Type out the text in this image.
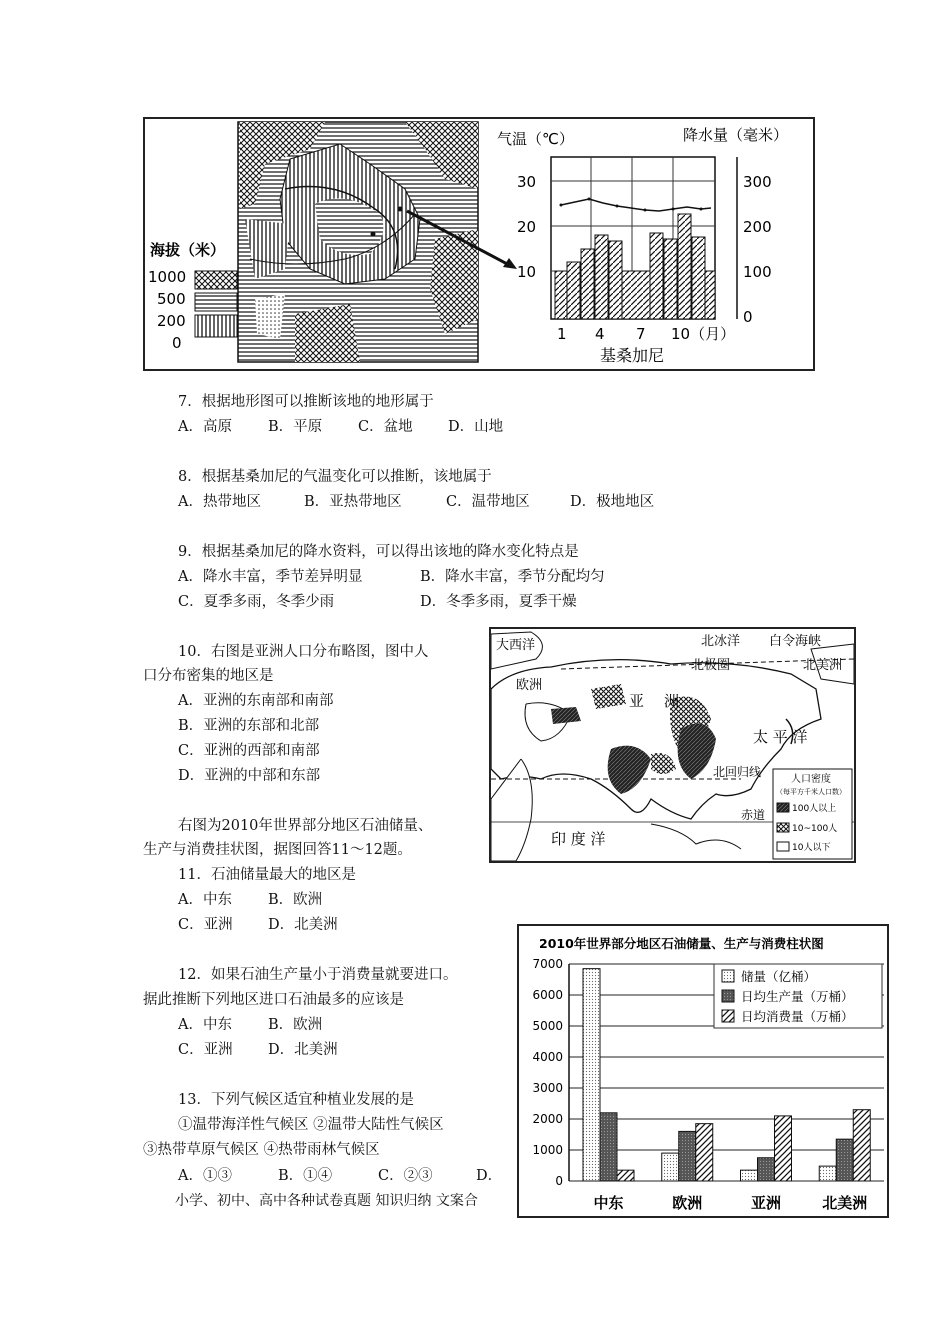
海拔（米）
1000
500
200
0
气温（℃）	降水量（毫米）
30
20
10
300
200
100
0
1 4 7 10（月）
基桑加尼
7．根据地形图可以推断该地的地形属于
A．高原 B．平原 C．盆地 D．山地
8．根据基桑加尼的气温变化可以推断，该地属于
A．热带地区	B．亚热带地区	C．温带地区	D．极地地区
9．根据基桑加尼的降水资料，可以得出该地的降水变化特点是
A．降水丰富，季节差异明显	B．降水丰富，季节分配均匀
C．夏季多雨，冬季少雨	D．冬季多雨，夏季干燥
10．右图是亚洲人口分布略图，图中人
口分布密集的地区是
A．亚洲的东南部和南部
B．亚洲的东部和北部
C．亚洲的西部和南部
D．亚洲的中部和东部
右图为2010年世界部分地区石油储量、
生产与消费挂状图，据图回答11～12题。
大西洋	北冰洋 白令海峡
北美洲
北极圈
欧洲
亚 洲
太 平 洋
北回归线
赤道
印 度 洋
人口密度
（每平方千米人口数）
100人以上
10~100人
10人以下
11．石油储量最大的地区是
A．中东 B．欧洲
C．亚洲 D．北美洲
12．如果石油生产量小于消费量就要进口。
据此推断下列地区进口石油最多的应该是
A．中东 B．欧洲
C．亚洲 D．北美洲
13．下列气候区适宜种植业发展的是
①温带海洋性气候区 ②温带大陆性气候区
③热带草原气候区 ④热带雨林气候区
A．①③	B．①④	C．②③	D．
小学、初中、高中各种试卷真题 知识归纳 文案合
2010年世界部分地区石油储量、生产与消费柱状图
0
1000
2000
3000
4000
5000
6000
7000
中东	欧洲	亚洲	北美洲
储量（亿桶）
日均生产量（万桶）
日均消费量（万桶）
